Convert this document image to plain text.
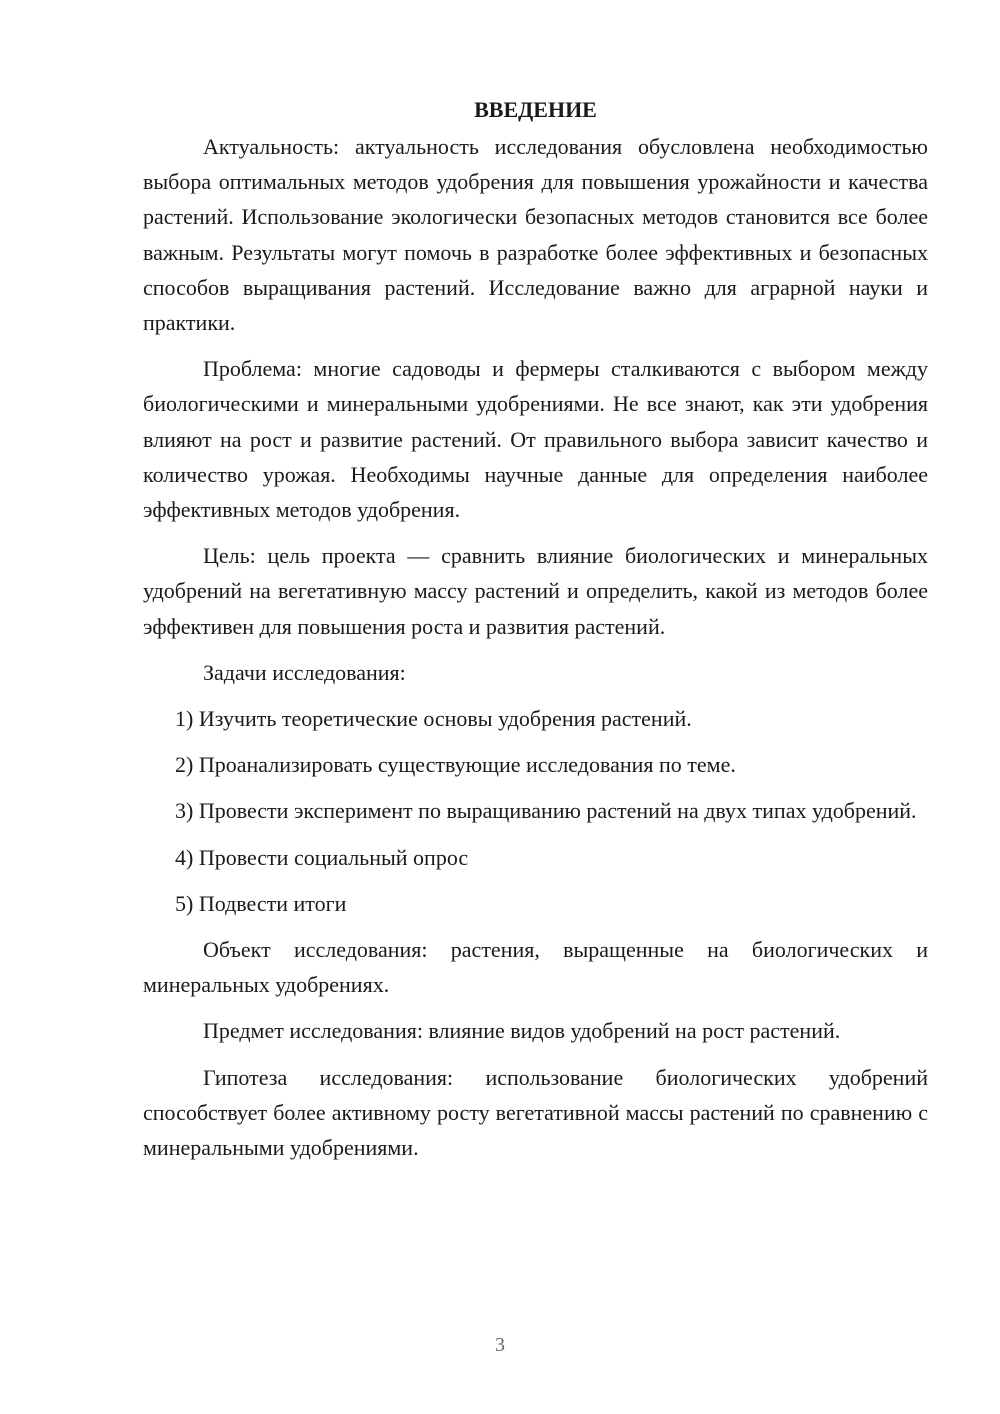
ВВЕДЕНИЕ

Актуальность: актуальность исследования обусловлена необходимостью выбора оптимальных методов удобрения для повышения урожайности и качества растений. Использование экологически безопасных методов становится все более важным. Результаты могут помочь в разработке более эффективных и безопасных способов выращивания растений. Исследование важно для аграрной науки и практики.

Проблема: многие садоводы и фермеры сталкиваются с выбором между биологическими и минеральными удобрениями. Не все знают, как эти удобрения влияют на рост и развитие растений. От правильного выбора зависит качество и количество урожая. Необходимы научные данные для определения наиболее эффективных методов удобрения.

Цель: цель проекта — сравнить влияние биологических и минеральных удобрений на вегетативную массу растений и определить, какой из методов более эффективен для повышения роста и развития растений.

Задачи исследования:

1) Изучить теоретические основы удобрения растений.

2) Проанализировать существующие исследования по теме.

3) Провести эксперимент по выращиванию растений на двух типах удобрений.

4) Провести социальный опрос

5) Подвести итоги

Объект исследования: растения, выращенные на биологических и минеральных удобрениях.

Предмет исследования: влияние видов удобрений на рост растений.

Гипотеза исследования: использование биологических удобрений способствует более активному росту вегетативной массы растений по сравнению с минеральными удобрениями.

3
